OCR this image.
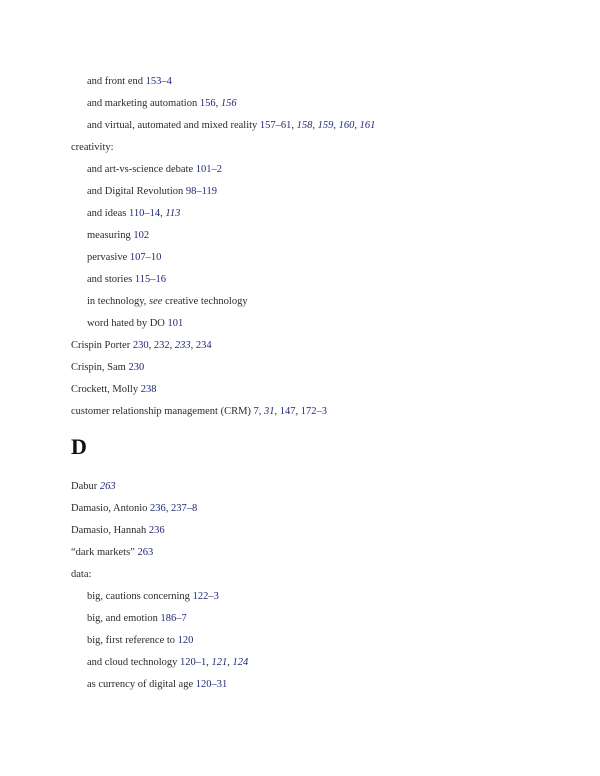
and front end 153–4
and marketing automation 156, 156
and virtual, automated and mixed reality 157–61, 158, 159, 160, 161
creativity:
and art-vs-science debate 101–2
and Digital Revolution 98–119
and ideas 110–14, 113
measuring 102
pervasive 107–10
and stories 115–16
in technology, see creative technology
word hated by DO 101
Crispin Porter 230, 232, 233, 234
Crispin, Sam 230
Crockett, Molly 238
customer relationship management (CRM) 7, 31, 147, 172–3
Dabur 263
Damasio, Antonio 236, 237–8
Damasio, Hannah 236
“dark markets” 263
data:
big, cautions concerning 122–3
big, and emotion 186–7
big, first reference to 120
and cloud technology 120–1, 121, 124
as currency of digital age 120–31
D
